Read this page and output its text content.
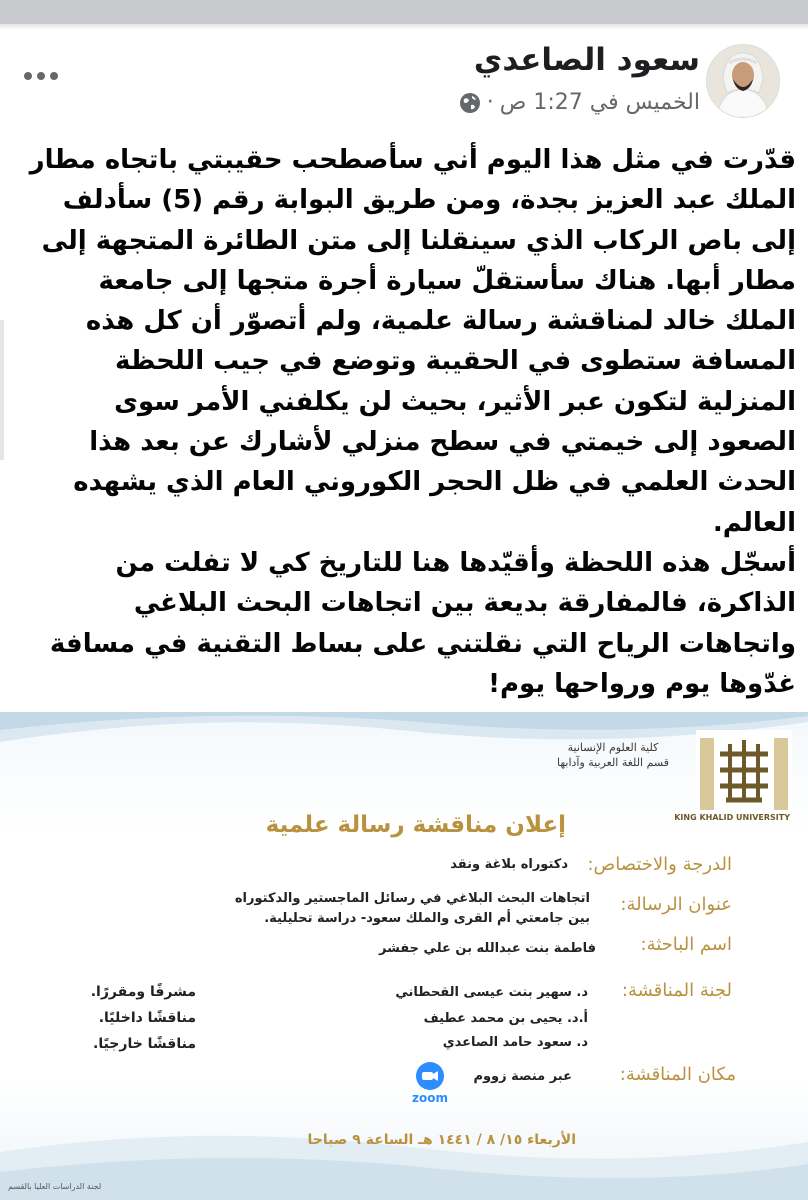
سعود الصاعدي
الخميس في 1:27 ص
·

قدّرت في مثل هذا اليوم أني سأصطحب حقيبتي باتجاه مطار الملك عبد العزيز بجدة، ومن طريق البوابة رقم (5) سأدلف إلى باص الركاب الذي سينقلنا إلى متن الطائرة المتجهة إلى مطار أبها. هناك سأستقلّ سيارة أجرة متجها إلى جامعة الملك خالد لمناقشة رسالة علمية، ولم أتصوّر أن كل هذه المسافة ستطوى في الحقيبة وتوضع في جيب اللحظة المنزلية لتكون عبر الأثير، بحيث لن يكلفني الأمر سوى الصعود إلى خيمتي في سطح منزلي لأشارك عن بعد هذا الحدث العلمي في ظل الحجر الكوروني العام الذي يشهده العالم.

أسجّل هذه اللحظة وأقيّدها هنا للتاريخ كي لا تفلت من الذاكرة، فالمفارقة بديعة بين اتجاهات البحث البلاغي واتجاهات الرياح التي نقلتني على بساط التقنية في مسافة غدّوها يوم ورواحها يوم!

KING KHALID UNIVERSITY
كلية العلوم الإنسانية
قسم اللغة العربية وآدابها
إعلان مناقشة رسالة علمية
الدرجة والاختصاص:
دكتوراه بلاغة ونقد
عنوان الرسالة:
اتجاهات البحث البلاغي في رسائل الماجستير والدكتوراه
بين جامعتي أم القرى والملك سعود- دراسة تحليلية.
اسم الباحثة:
فاطمة بنت عبدالله بن علي جفشر
لجنة المناقشة:
د. سهير بنت عيسى القحطاني
أ.د. يحيى بن محمد عطيف
د. سعود حامد الصاعدي
مشرفًا ومقررًا.
مناقشًا داخليًا.
مناقشًا خارجيًا.
مكان المناقشة:
عبر منصة زووم
zoom
الأربعاء ١٥/ ٨ / ١٤٤١ هـ الساعة ٩ صباحا
لجنة الدراسات العليا بالقسم
